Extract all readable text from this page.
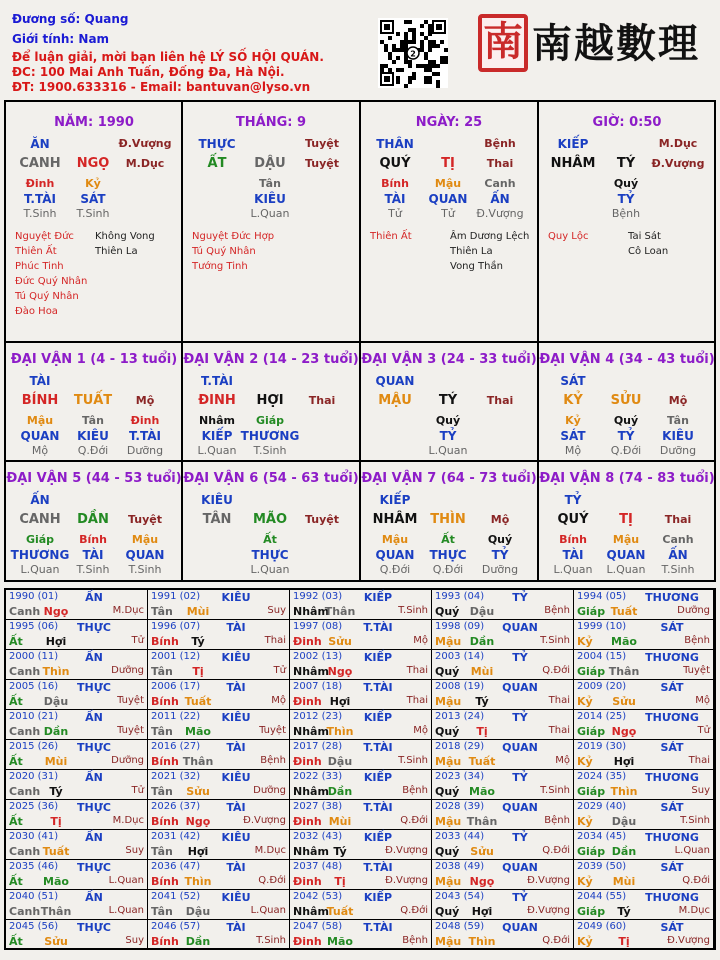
Đương số: Quang
Giới tính: Nam
Để luận giải, mời bạn liên hệ LÝ SỐ HỘI QUÁN.
ĐC: 100 Mai Anh Tuấn, Đống Đa, Hà Nội.
ĐT: 1900.633316 - Email: bantuvan@lyso.vn
2 南 南越數理
NĂM: 1990
ĂN	Đ.Vượng
CANH NGỌ M.Dục
Đinh
T.TÀI
T.Sinh
Kỷ
SÁT
T.Sinh
Nguyệt Đức
Thiên Ất
Phúc Tinh
Đức Quý Nhân
Tú Quý Nhân
Đào Hoa
Không Vong
Thiên La
THÁNG: 9
THỰC	Tuyệt
ẤT DẬU Tuyệt
Tân
KIÊU
L.Quan
Nguyệt Đức Hợp
Tú Quý Nhân
Tướng Tinh
NGÀY: 25
THÂN	Bệnh
QUÝ TỊ	Thai
Bính
TÀI
Tử
Mậu
QUAN
Tử
Canh
ẤN
Đ.Vượng
Thiên Ất	Âm Dương Lệch
Thiên La
Vong Thần
GIỜ: 0:50
KIẾP	M.Dục
NHÂM TÝ Đ.Vượng
Quý
TỶ
Bệnh
Quy Lộc	Tai Sát
Cô Loan
ĐẠI VẬN 1 (4 - 13 tuổi)
TÀI
BÍNH TUẤT Mộ
Mậu
QUAN
Mộ
Tân
KIÊU
Q.Đới
Đinh
T.TÀI
Dưỡng
ĐẠI VẬN 2 (14 - 23 tuổi)
T.TÀI
ĐINH HỢI Thai
Nhâm
KIẾP
L.Quan
Giáp
THƯƠNG
T.Sinh
ĐẠI VẬN 3 (24 - 33 tuổi)
QUAN
MẬU TÝ	Thai
Quý
TỶ
L.Quan
ĐẠI VẬN 4 (34 - 43 tuổi)
SÁT
KỶ SỬU Mộ
Kỷ
SÁT
Mộ
Quý
TỶ
Q.Đới
Tân
KIÊU
Dưỡng
ĐẠI VẬN 5 (44 - 53 tuổi)
ẤN
CANH DẦN Tuyệt
Giáp
THƯƠNG
L.Quan
Bính
TÀI
T.Sinh
Mậu
QUAN
T.Sinh
ĐẠI VẬN 6 (54 - 63 tuổi)
KIÊU
TÂN MÃO Tuyệt
Ất
THỰC
L.Quan
ĐẠI VẬN 7 (64 - 73 tuổi)
KIẾP
NHÂM THÌN Mộ
Mậu
QUAN
Q.Đới
Ất
THỰC
Q.Đới
Quý
TỶ
Dưỡng
ĐẠI VẬN 8 (74 - 83 tuổi)
TỶ
QUÝ TỊ	Thai
Bính
TÀI
L.Quan
Mậu
QUAN
L.Quan
Canh
ẤN
T.Sinh
1990 (01) ẤN
Canh Ngọ	M.Dục
1991 (02) KIÊU
Tân Mùi	Suy
1992 (03) KIẾP
Nhâm
Thân	T.Sinh
1993 (04)	TỶ
Quý Dậu	Bệnh
1994 (05) THƯƠNG
Giáp Tuất	Dưỡng
1995 (06) THỰC
Ất Hợi	Tử
1996 (07) TÀI
Bính Tý	Thai
1997 (08) T.TÀI
Đinh Sửu	Mộ
1998 (09) QUAN
Mậu Dần	T.Sinh
1999 (10)	SÁT
Kỷ Mão	Bệnh
2000 (11) ẤN
Canh Thìn	Dưỡng
2001 (12) KIÊU
Tân Tị	Tử
2002 (13) KIẾP
Nhâm
Ngọ	Thai
2003 (14)	TỶ
Quý Mùi	Q.Đới
2004 (15) THƯƠNG
Giáp Thân	Tuyệt
2005 (16) THỰC
Ất Dậu	Tuyệt
2006 (17) TÀI
Bính Tuất	Mộ
2007 (18) T.TÀI
Đinh Hợi	Thai
2008 (19) QUAN
Mậu Tý	Thai
2009 (20)	SÁT
Kỷ Sửu	Mộ
2010 (21) ẤN
Canh Dần	Tuyệt
2011 (22) KIÊU
Tân Mão	Tuyệt
2012 (23) KIẾP
Nhâm
Thìn	Mộ
2013 (24)	TỶ
Quý Tị	Thai
2014 (25) THƯƠNG
Giáp Ngọ	Tử
2015 (26) THỰC
Ất Mùi	Dưỡng
2016 (27) TÀI
Bính Thân	Bệnh
2017 (28) T.TÀI
Đinh Dậu	T.Sinh
2018 (29) QUAN
Mậu Tuất	Mộ
2019 (30)	SÁT
Kỷ Hợi	Thai
2020 (31) ẤN
Canh Tý	Tử
2021 (32) KIÊU
Tân Sửu	Dưỡng
2022 (33) KIẾP
Nhâm
Dần	Bệnh
2023 (34)	TỶ
Quý Mão	T.Sinh
2024 (35) THƯƠNG
Giáp Thìn	Suy
2025 (36) THỰC
Ất	Tị	M.Dục
2026 (37) TÀI
Bính Ngọ	Đ.Vượng
2027 (38) T.TÀI
Đinh Mùi	Q.Đới
2028 (39) QUAN
Mậu Thân	Bệnh
2029 (40)	SÁT
Kỷ Dậu	T.Sinh
2030 (41) ẤN
Canh Tuất	Suy
2031 (42) KIÊU
Tân Hợi	M.Dục
2032 (43) KIẾP
Nhâm Tý	Đ.Vượng
2033 (44)	TỶ
Quý Sửu	Q.Đới
2034 (45) THƯƠNG
Giáp Dần	L.Quan
2035 (46) THỰC
Ất Mão	L.Quan
2036 (47) TÀI
Bính Thìn	Q.Đới
2037 (48) T.TÀI
Đinh Tị	Đ.Vượng
2038 (49) QUAN
Mậu Ngọ	Đ.Vượng
2039 (50)	SÁT
Kỷ Mùi	Q.Đới
2040 (51) ẤN
Canh Thân	L.Quan
2041 (52) KIÊU
Tân Dậu	L.Quan
2042 (53) KIẾP
Nhâm
Tuất	Q.Đới
2043 (54)	TỶ
Quý Hợi	Đ.Vượng
2044 (55) THƯƠNG
Giáp Tý	M.Dục
2045 (56) THỰC
Ất Sửu	Suy
2046 (57) TÀI
Bính Dần	T.Sinh
2047 (58) T.TÀI
Đinh Mão	Bệnh
2048 (59) QUAN
Mậu Thìn	Q.Đới
2049 (60)	SÁT
Kỷ Tị	Đ.Vượng
